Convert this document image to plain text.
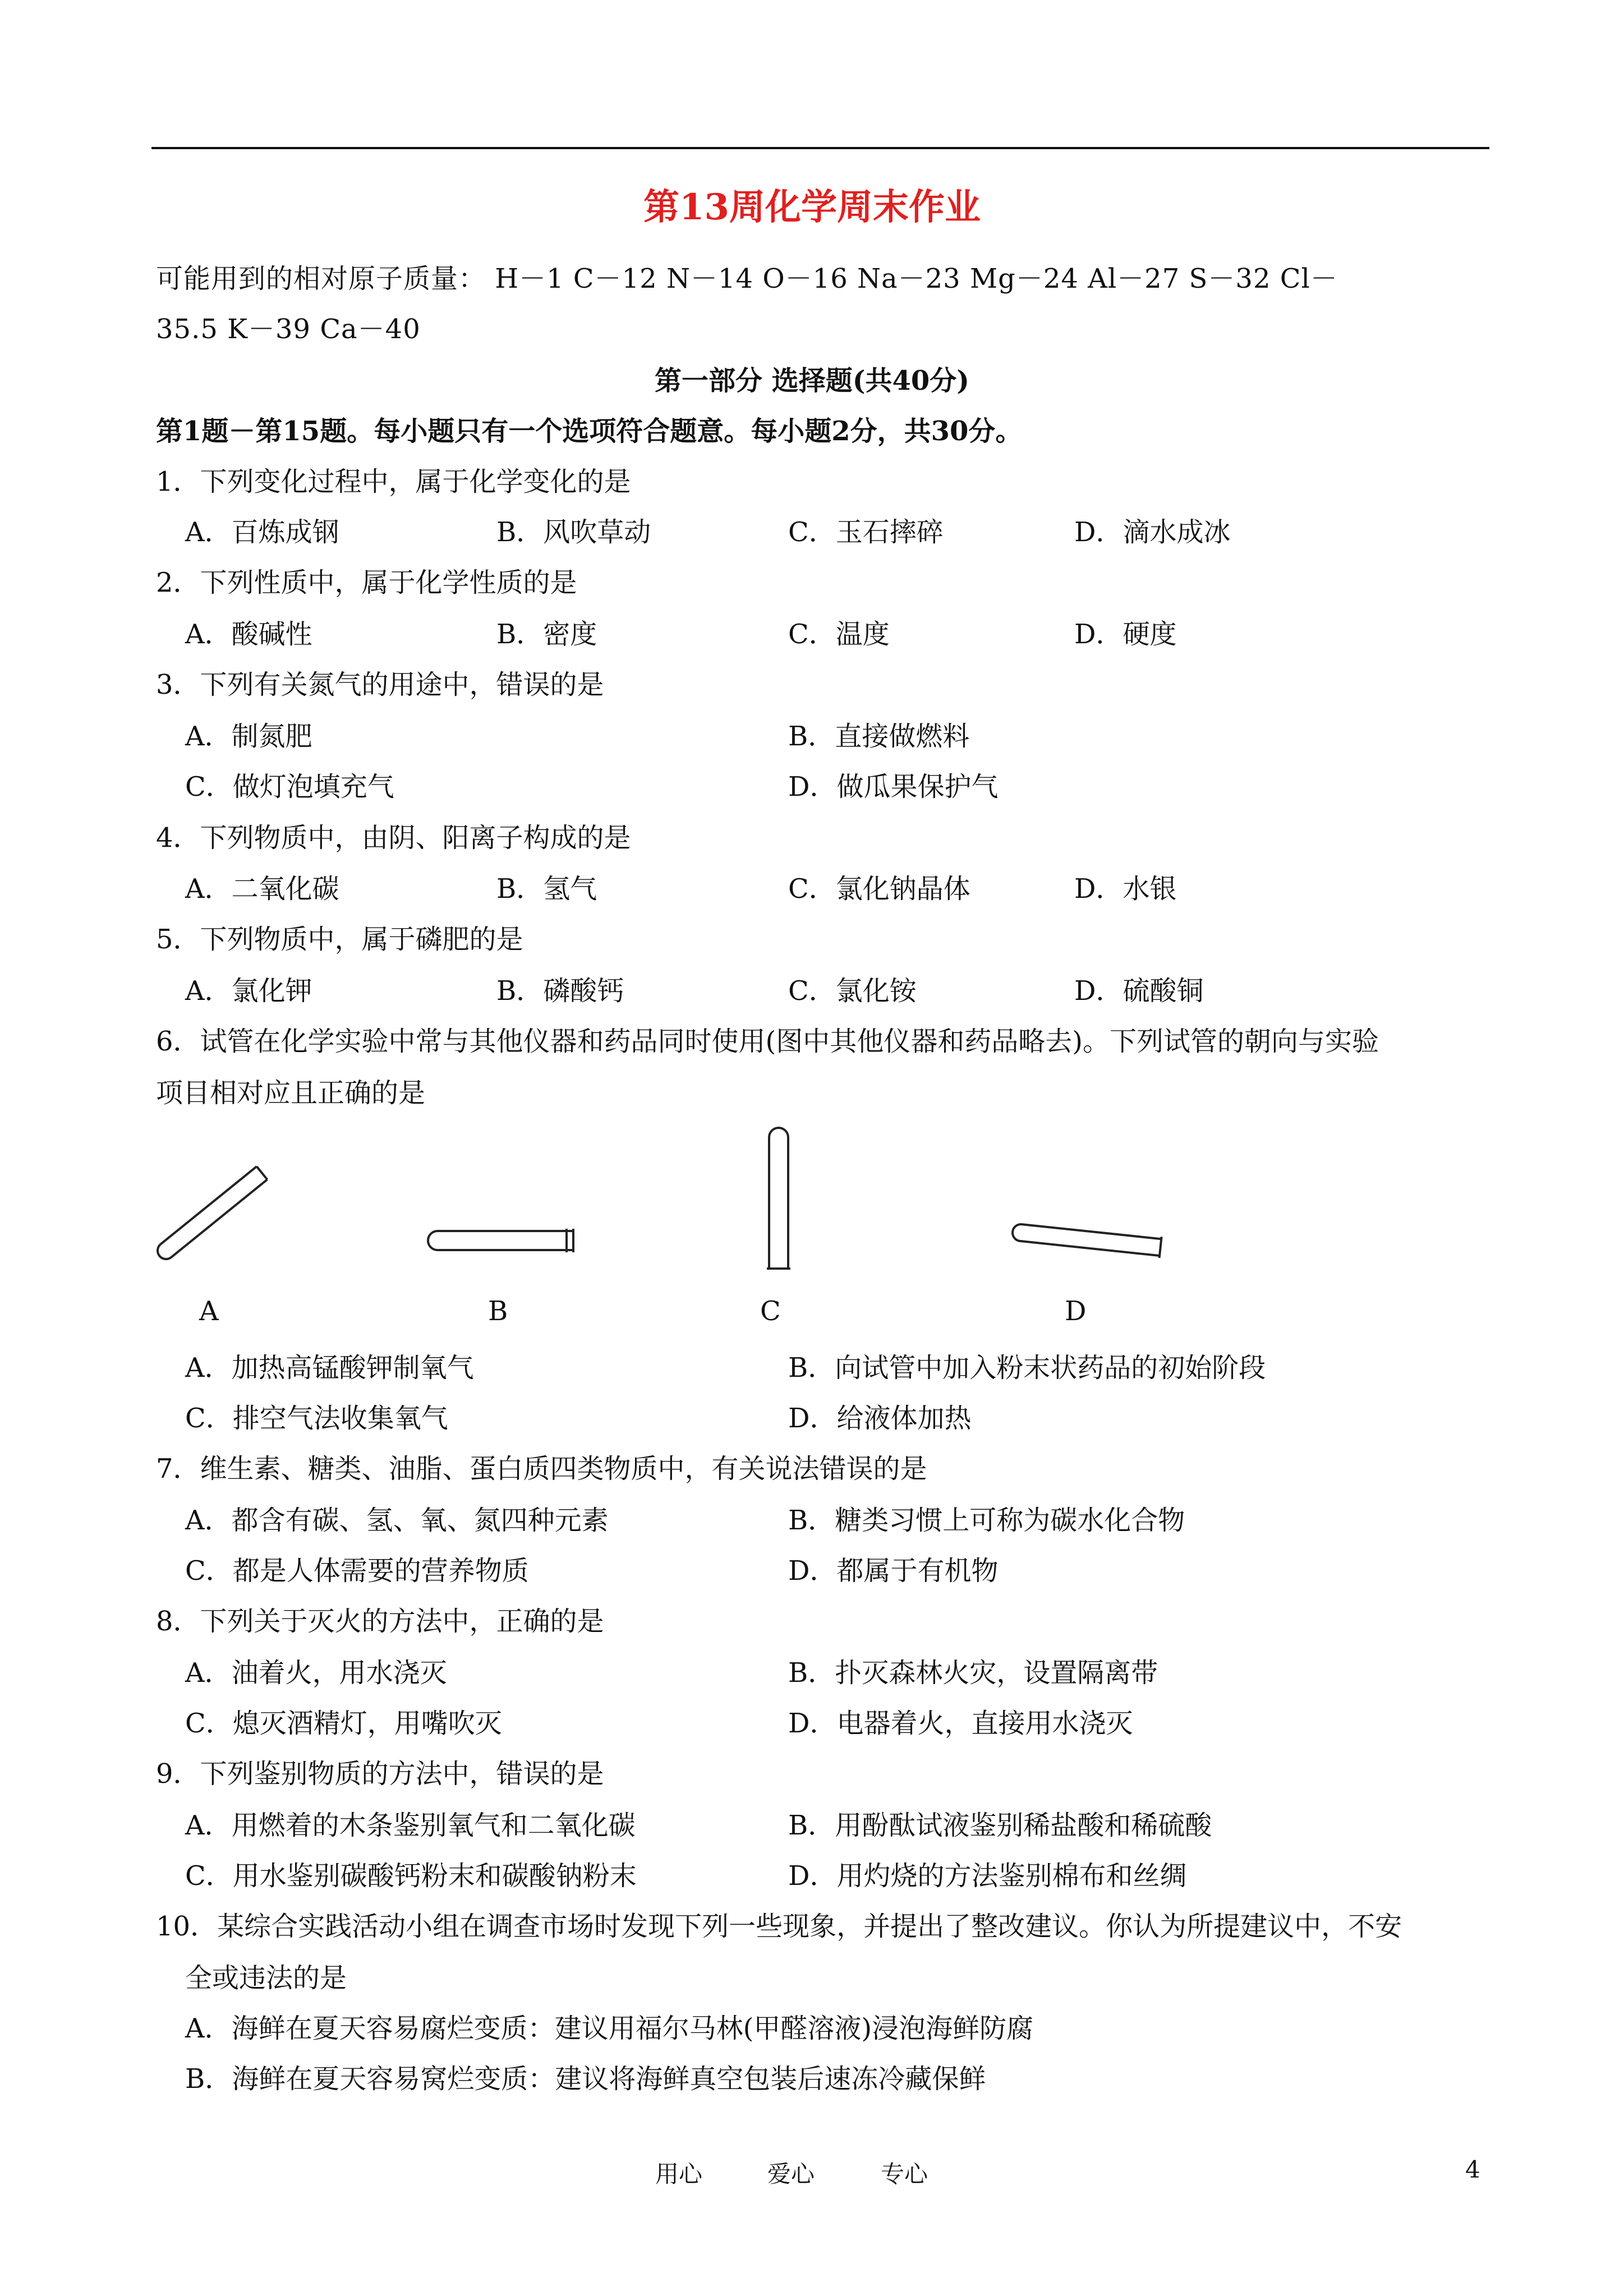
第13周化学周末作业
可能用到的相对原子质量： H－1 C－12 N－14 O－16 Na－23 Mg－24 Al－27 S－32 Cl－
35.5 K－39 Ca－40
第一部分 选择题(共40分)
第1题－第15题。每小题只有一个选项符合题意。每小题2分，共30分。
1．下列变化过程中，属于化学变化的是
A．百炼成钢	B．风吹草动	C．玉石摔碎	D．滴水成冰
2．下列性质中，属于化学性质的是
A．酸碱性	B．密度	C．温度	D．硬度
3．下列有关氮气的用途中，错误的是
A．制氮肥	B．直接做燃料
C．做灯泡填充气	D．做瓜果保护气
4．下列物质中，由阴、阳离子构成的是
A．二氧化碳	B．氢气	C．氯化钠晶体	D．水银
5．下列物质中，属于磷肥的是
A．氯化钾	B．磷酸钙	C．氯化铵	D．硫酸铜
6．试管在化学实验中常与其他仪器和药品同时使用(图中其他仪器和药品略去)。下列试管的朝向与实验
项目相对应且正确的是
A	B	C	D
A．加热高锰酸钾制氧气	B．向试管中加入粉末状药品的初始阶段
C．排空气法收集氧气	D．给液体加热
7．维生素、糖类、油脂、蛋白质四类物质中，有关说法错误的是
A．都含有碳、氢、氧、氮四种元素	B．糖类习惯上可称为碳水化合物
C．都是人体需要的营养物质	D．都属于有机物
8．下列关于灭火的方法中，正确的是
A．油着火，用水浇灭	B．扑灭森林火灾，设置隔离带
C．熄灭酒精灯，用嘴吹灭	D．电器着火，直接用水浇灭
9．下列鉴别物质的方法中，错误的是
A．用燃着的木条鉴别氧气和二氧化碳	B．用酚酞试液鉴别稀盐酸和稀硫酸
C．用水鉴别碳酸钙粉末和碳酸钠粉末	D．用灼烧的方法鉴别棉布和丝绸
10．某综合实践活动小组在调查市场时发现下列一些现象，并提出了整改建议。你认为所提建议中，不安
全或违法的是
A．海鲜在夏天容易腐烂变质：建议用福尔马林(甲醛溶液)浸泡海鲜防腐
B．海鲜在夏天容易窝烂变质：建议将海鲜真空包装后速冻冷藏保鲜
用心	爱心	专心	4
